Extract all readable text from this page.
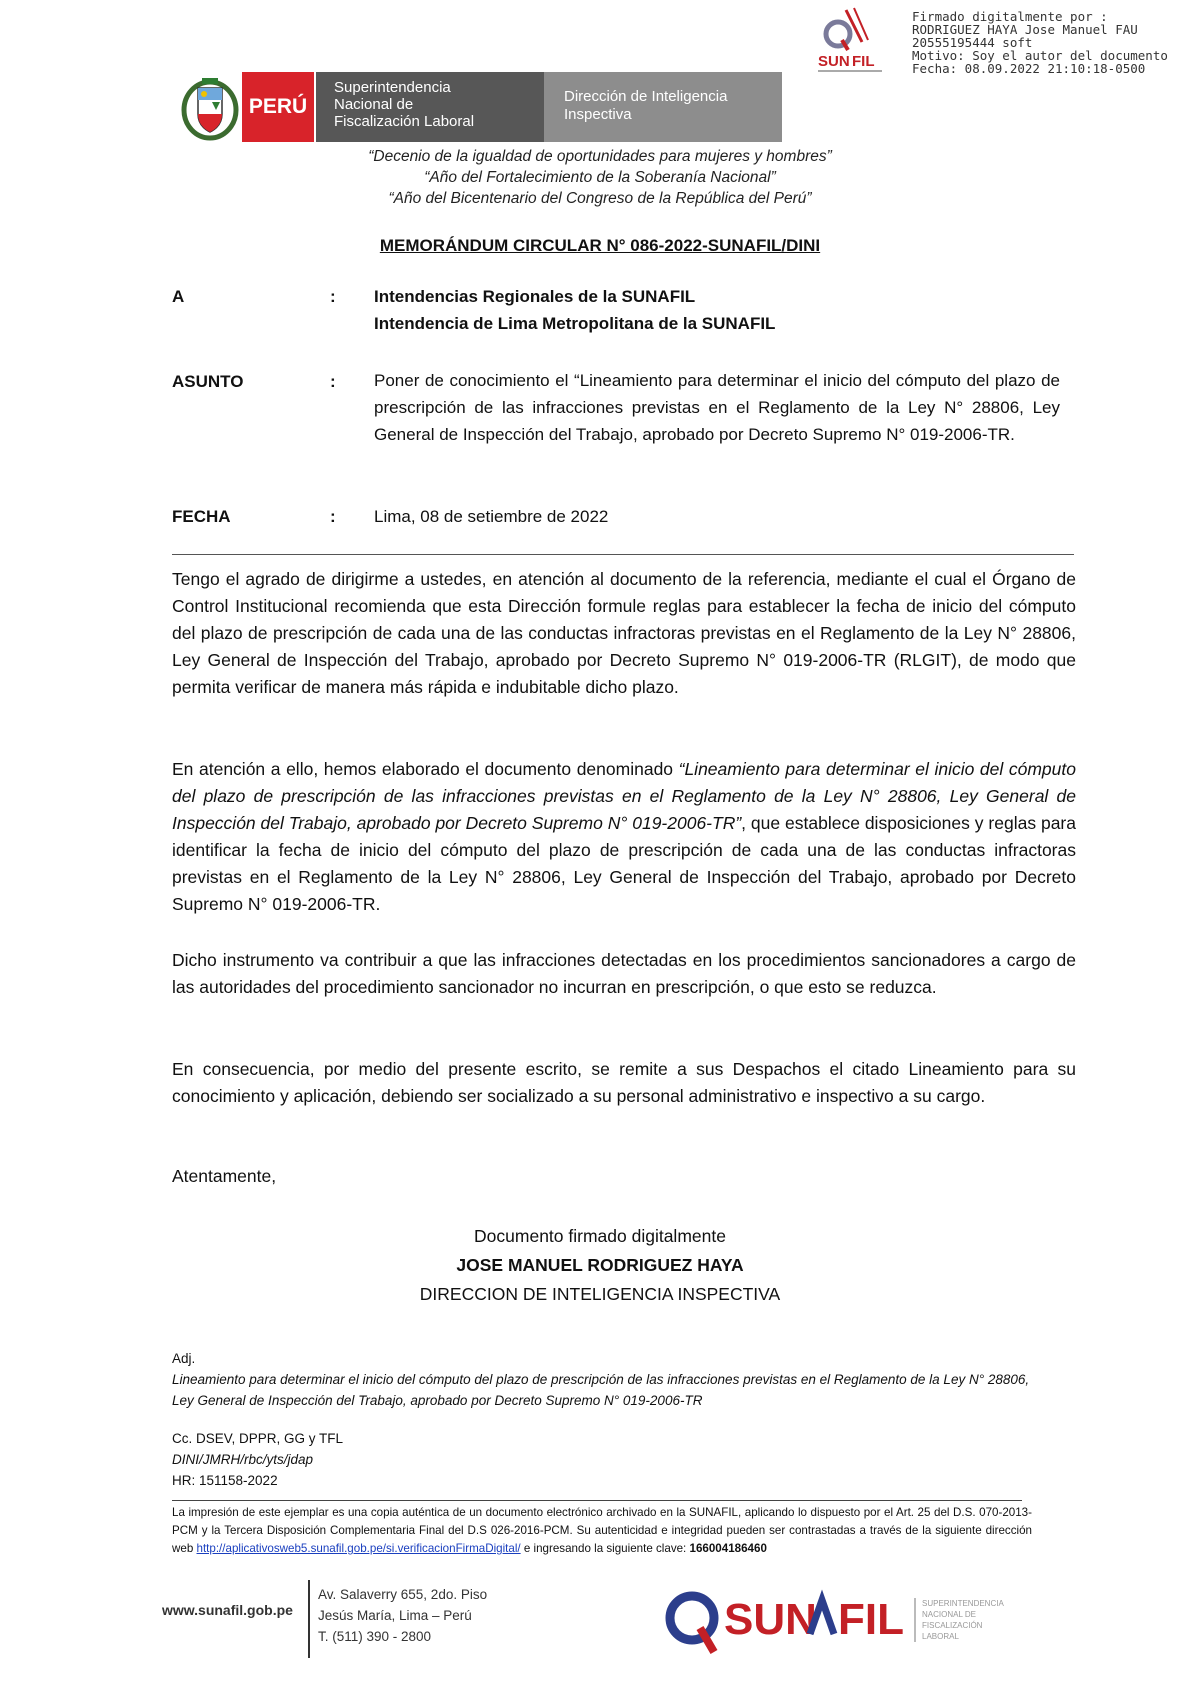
SUN FIL
Firmado digitalmente por :
RODRIGUEZ HAYA Jose Manuel FAU
20555195444 soft
Motivo: Soy el autor del documento
Fecha: 08.09.2022 21:10:18-0500
PERÚ
Superintendencia
Nacional de
Fiscalización Laboral
Dirección de Inteligencia
Inspectiva
“Decenio de la igualdad de oportunidades para mujeres y hombres”
“Año del Fortalecimiento de la Soberanía Nacional”
“Año del Bicentenario del Congreso de la República del Perú”
MEMORÁNDUM CIRCULAR N° 086-2022-SUNAFIL/DINI
A	: Intendencias Regionales de la SUNAFIL
Intendencia de Lima Metropolitana de la SUNAFIL
ASUNTO	: Poner de conocimiento el “Lineamiento para determinar el inicio del cómputo del plazo de prescripción de las infracciones previstas en el Reglamento de la Ley N° 28806, Ley General de Inspección del Trabajo, aprobado por Decreto Supremo N° 019-2006-TR.
FECHA	: Lima, 08 de setiembre de 2022
Tengo el agrado de dirigirme a ustedes, en atención al documento de la referencia, mediante el cual el Órgano de Control Institucional recomienda que esta Dirección formule reglas para establecer la fecha de inicio del cómputo del plazo de prescripción de cada una de las conductas infractoras previstas en el Reglamento de la Ley N° 28806, Ley General de Inspección del Trabajo, aprobado por Decreto Supremo N° 019-2006-TR (RLGIT), de modo que permita verificar de manera más rápida e indubitable dicho plazo.
En atención a ello, hemos elaborado el documento denominado “Lineamiento para determinar el inicio del cómputo del plazo de prescripción de las infracciones previstas en el Reglamento de la Ley N° 28806, Ley General de Inspección del Trabajo, aprobado por Decreto Supremo N° 019-2006-TR”, que establece disposiciones y reglas para identificar la fecha de inicio del cómputo del plazo de prescripción de cada una de las conductas infractoras previstas en el Reglamento de la Ley N° 28806, Ley General de Inspección del Trabajo, aprobado por Decreto Supremo N° 019-2006-TR.
Dicho instrumento va contribuir a que las infracciones detectadas en los procedimientos sancionadores a cargo de las autoridades del procedimiento sancionador no incurran en prescripción, o que esto se reduzca.
En consecuencia, por medio del presente escrito, se remite a sus Despachos el citado Lineamiento para su conocimiento y aplicación, debiendo ser socializado a su personal administrativo e inspectivo a su cargo.
Atentamente,
Documento firmado digitalmente
JOSE MANUEL RODRIGUEZ HAYA
DIRECCION DE INTELIGENCIA INSPECTIVA
Adj.
Lineamiento para determinar el inicio del cómputo del plazo de prescripción de las infracciones previstas en el Reglamento de la Ley N° 28806, Ley General de Inspección del Trabajo, aprobado por Decreto Supremo N° 019-2006-TR
Cc. DSEV, DPPR, GG y TFL
DINI/JMRH/rbc/yts/jdap
HR: 151158-2022
La impresión de este ejemplar es una copia auténtica de un documento electrónico archivado en la SUNAFIL, aplicando lo dispuesto por el Art. 25 del D.S. 070-2013-PCM y la Tercera Disposición Complementaria Final del D.S 026-2016-PCM. Su autenticidad e integridad pueden ser contrastadas a través de la siguiente dirección web http://aplicativosweb5.sunafil.gob.pe/si.verificacionFirmaDigital/ e ingresando la siguiente clave: 166004186460
www.sunafil.gob.pe
Av. Salaverry 655, 2do. Piso
Jesús María, Lima – Perú
T. (511) 390 - 2800	SUN FIL SUPERINTENDENCIA
NACIONAL DE
FISCALIZACIÓN
LABORAL
